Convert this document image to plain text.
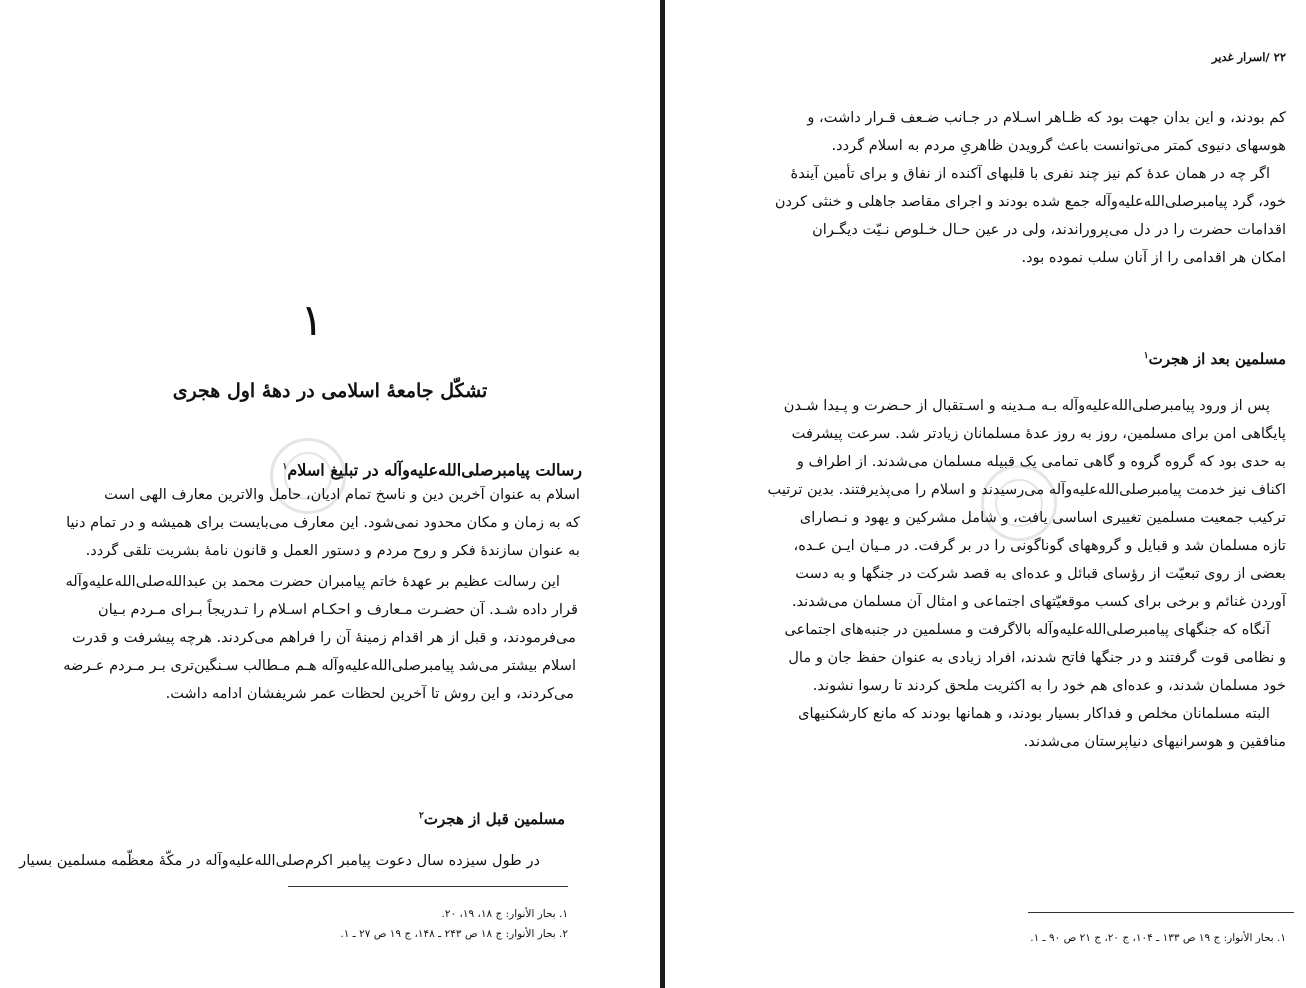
۱
تشکّل جامعهٔ اسلامی در دههٔ اول هجری
رسالت پیامبرصلی‌الله‌علیه‌وآله در تبلیغ اسلام$^۱$
اسلام به عنوان آخرین دین و ناسخ تمام ادیان، حامل والاترین معارف الهی است
که به زمان و مکان محدود نمی‌شود. این معارف می‌بایست برای همیشه و در تمام دنیا
به عنوان سازندهٔ فکر و روح مردم و دستور العمل و قانون نامهٔ بشریت تلقی گردد.
این رسالت عظیم بر عهدهٔ خاتم پیامبران حضرت محمد بن عبدالله‌صلی‌الله‌علیه‌وآله
قرار داده شـد. آن حضـرت مـعارف و احکـام اسـلام را تـدریجاً بـرای مـردم بـیان
می‌فرمودند، و قبل از هر اقدام زمینهٔ آن را فراهم می‌کردند. هرچه پیشرفت و قدرت
اسلام بیشتر می‌شد پیامبرصلی‌الله‌علیه‌وآله هـم مـطالب سـنگین‌تری بـر مـردم عـرضه
می‌کردند، و این روش تا آخرین لحظات عمر شریفشان ادامه داشت.
مسلمین قبل از هجرت$^۲$
در طول سیزده سال دعوت پیامبر اکرم‌صلی‌الله‌علیه‌وآله در مکّهٔ معظّمه مسلمین بسیار
۱. بحار الأنوار: ج ۱۸، ۱۹، ۲۰.
۲. بحار الأنوار: ج ۱۸ ص ۲۴۳ ـ ۱۴۸، ج ۱۹ ص ۲۷ ـ ۱.
۲۲ /اسرار غدیر
کم بودند، و این بدان جهت بود که ظـاهر اسـلام در جـانب ضـعف قـرار داشت، و
هوسهای دنیوی کمتر می‌توانست باعث گرویدن ظاهریِ مردم به اسلام گردد.
اگر چه در همان عدهٔ کم نیز چند نفری با قلبهای آکنده از نفاق و برای تأمین آیندهٔ
خود، گرد پیامبرصلی‌الله‌علیه‌وآله جمع شده بودند و اجرای مقاصد جاهلی و خنثی کردن
اقدامات حضرت را در دل می‌پروراندند، ولی در عین حـال خـلوص نـیّت دیگـران
امکان هر اقدامی را از آنان سلب نموده بود.
مسلمین بعد از هجرت$^۱$
پس از ورود پیامبرصلی‌الله‌علیه‌وآله بـه مـدینه و اسـتقبال از حـضرت و پـیدا شـدن
پایگاهی امن برای مسلمین، روز به روز عدهٔ مسلمانان زیادتر شد. سرعت پیشرفت
به حدی بود که گروه گروه و گاهی تمامی یک قبیله مسلمان می‌شدند. از اطراف و
اکناف نیز خدمت پیامبرصلی‌الله‌علیه‌وآله می‌رسیدند و اسلام را می‌پذیرفتند. بدین ترتیب
ترکیب جمعیت مسلمین تغییری اساسی یافت، و شامل مشرکین و یهود و نـصارای
تازه مسلمان شد و قبایل و گروههای گوناگونی را در بر گرفت. در مـیان ایـن عـده،
بعضی از روی تبعیّت از رؤسای قبائل و عده‌ای به قصد شرکت در جنگها و به دست
آوردن غنائم و برخی برای کسب موقعیّتهای اجتماعی و امثال آن مسلمان می‌شدند.
آنگاه که جنگهای پیامبرصلی‌الله‌علیه‌وآله بالاگرفت و مسلمین در جنبه‌های اجتماعی
و نظامی قوت گرفتند و در جنگها فاتح شدند، افراد زیادی به عنوان حفظ جان و مال
خود مسلمان شدند، و عده‌ای هم خود را به اکثریت ملحق کردند تا رسوا نشوند.
البته مسلمانان مخلص و فداکار بسیار بودند، و همانها بودند که مانع کارشکنیهای
منافقین و هوسرانیهای دنیاپرستان می‌شدند.
۱. بحار الأنوار: ج ۱۹ ص ۱۳۳ ـ ۱۰۴، ج ۲۰، ج ۲۱ ص ۹۰ ـ ۱.
